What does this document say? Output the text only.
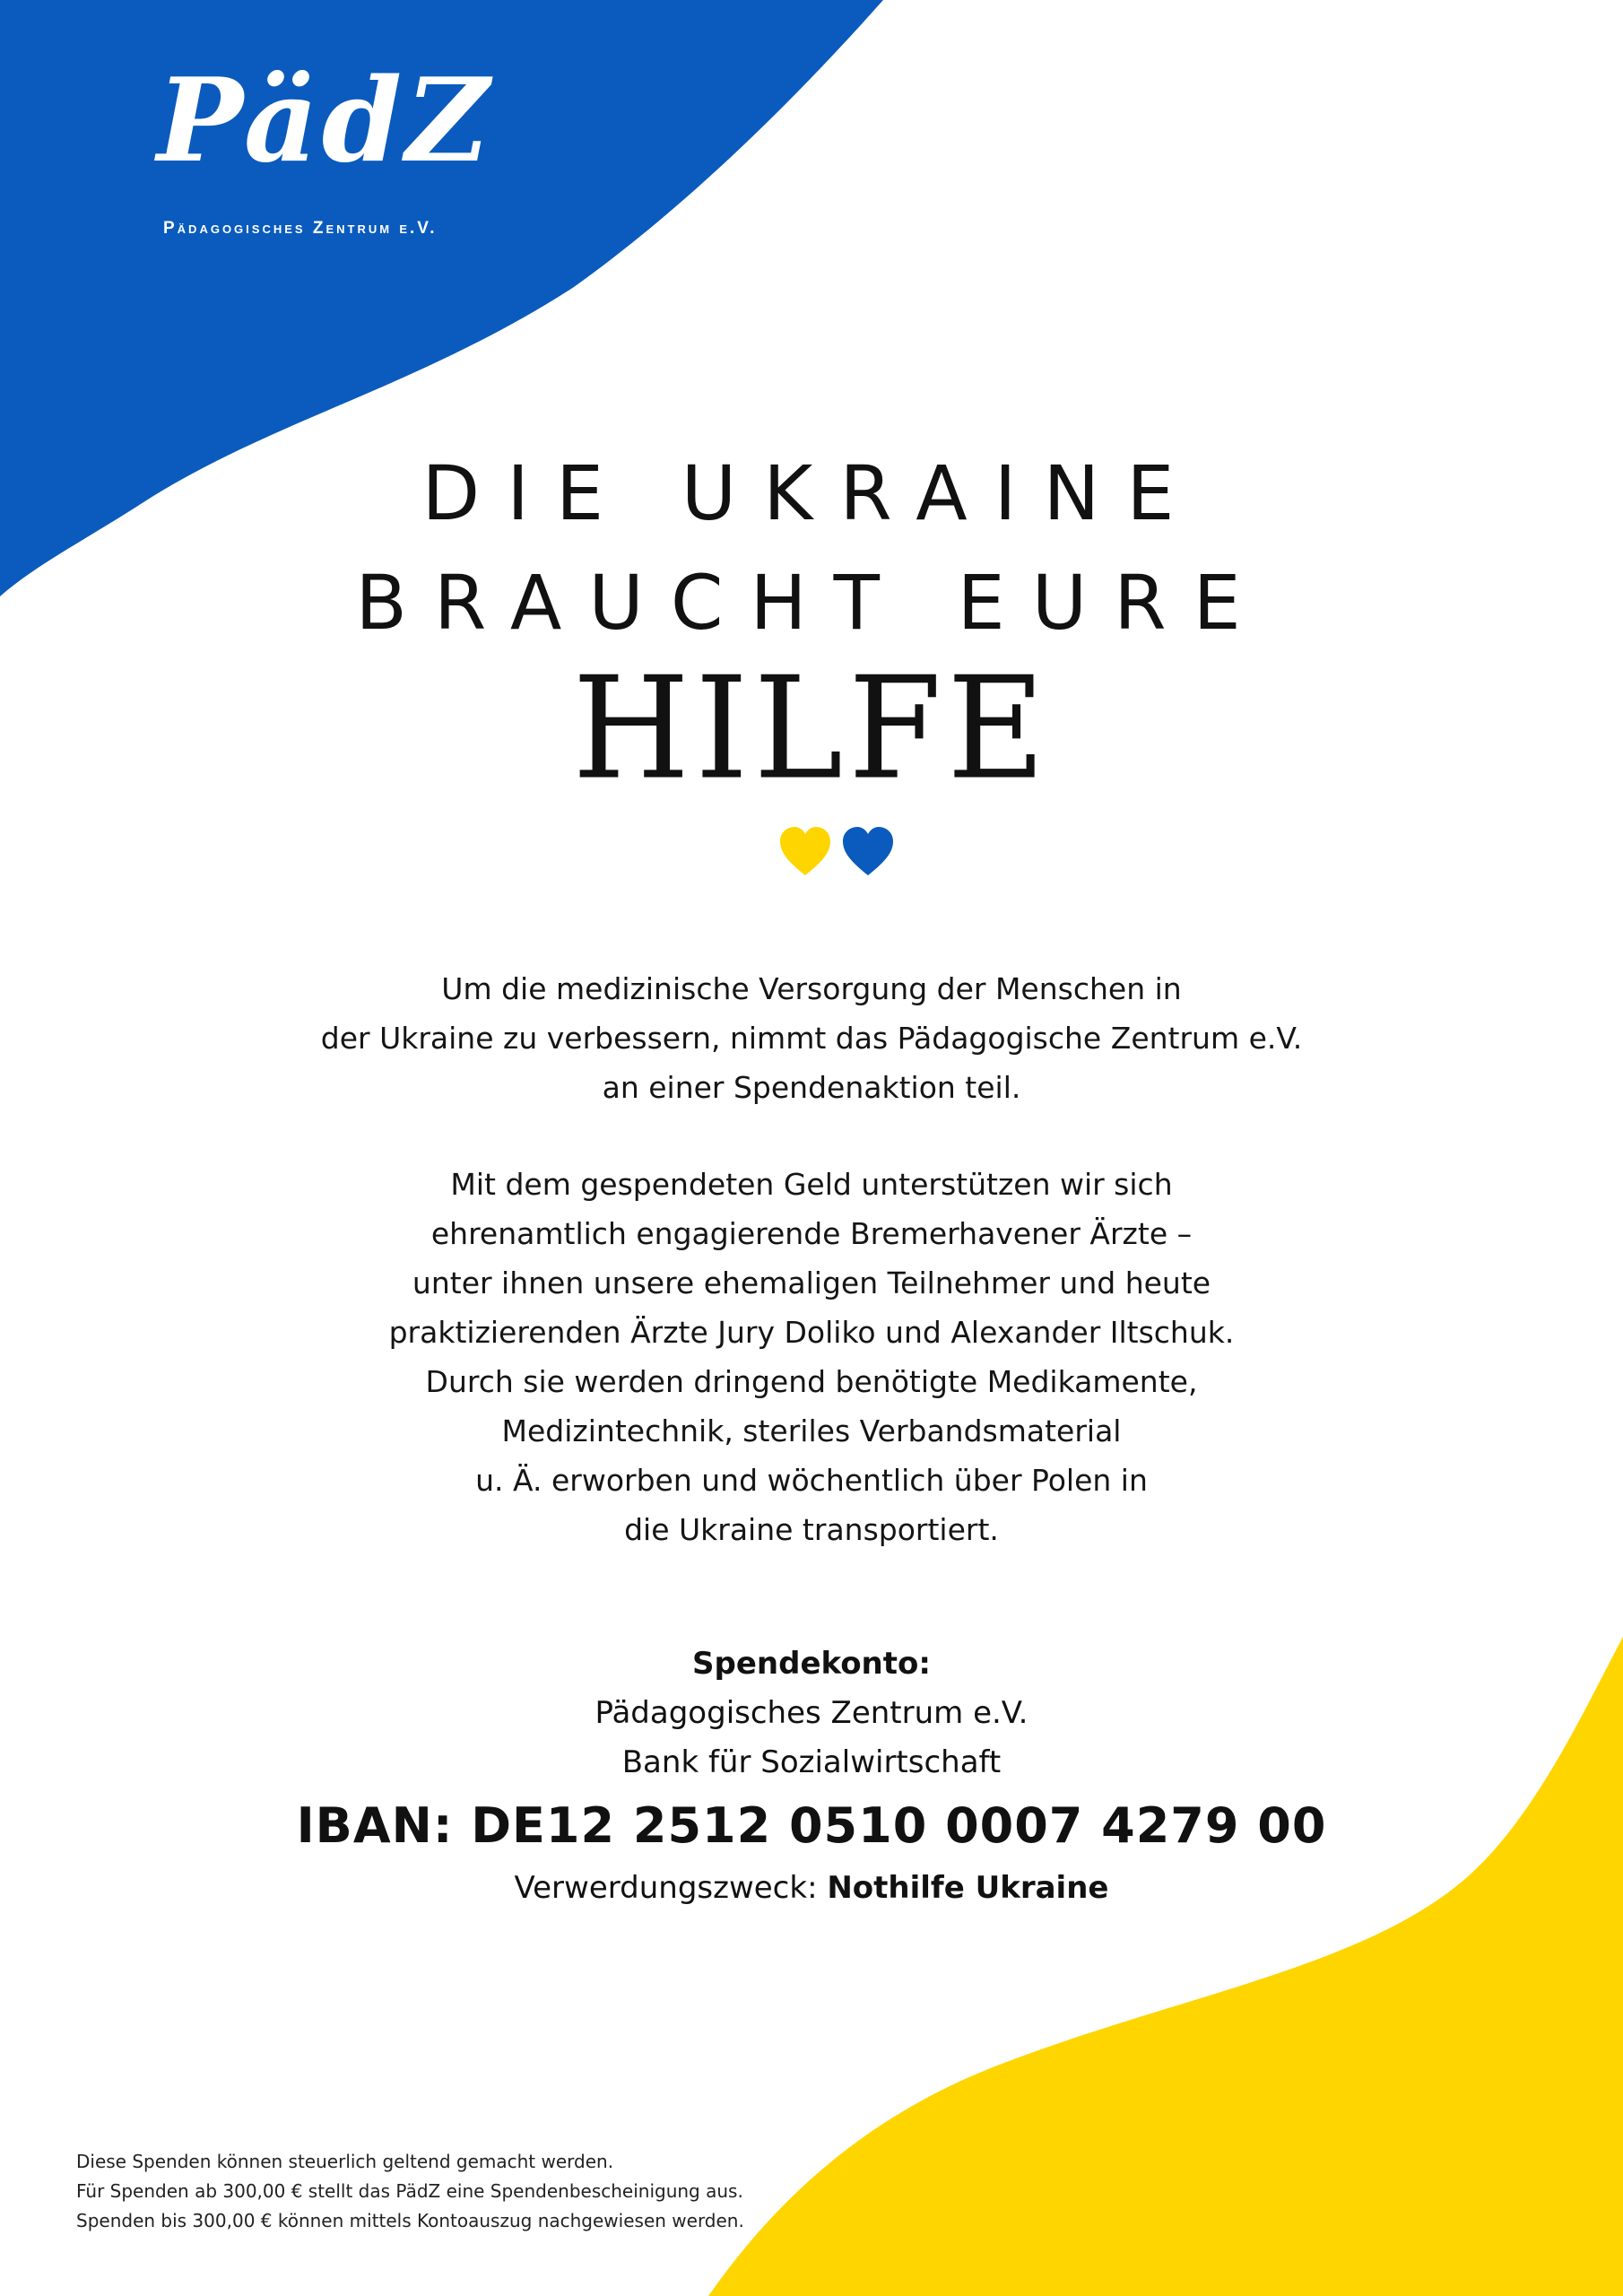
PädZ
Pädagogisches Zentrum e.V.
DIE UKRAINE
BRAUCHT EURE
HILFE
Um die medizinische Versorgung der Menschen in
der Ukraine zu verbessern, nimmt das Pädagogische Zentrum e.V.
an einer Spendenaktion teil.
Mit dem gespendeten Geld unterstützen wir sich
ehrenamtlich engagierende Bremerhavener Ärzte –
unter ihnen unsere ehemaligen Teilnehmer und heute
praktizierenden Ärzte Jury Doliko und Alexander Iltschuk.
Durch sie werden dringend benötigte Medikamente,
Medizintechnik, steriles Verbandsmaterial
u. Ä. erworben und wöchentlich über Polen in
die Ukraine transportiert.
Spendekonto:
Pädagogisches Zentrum e.V.
Bank für Sozialwirtschaft
IBAN: DE12 2512 0510 0007 4279 00
Verwerdungszweck: Nothilfe Ukraine
Diese Spenden können steuerlich geltend gemacht werden.
Für Spenden ab 300,00 € stellt das PädZ eine Spendenbescheinigung aus.
Spenden bis 300,00 € können mittels Kontoauszug nachgewiesen werden.
